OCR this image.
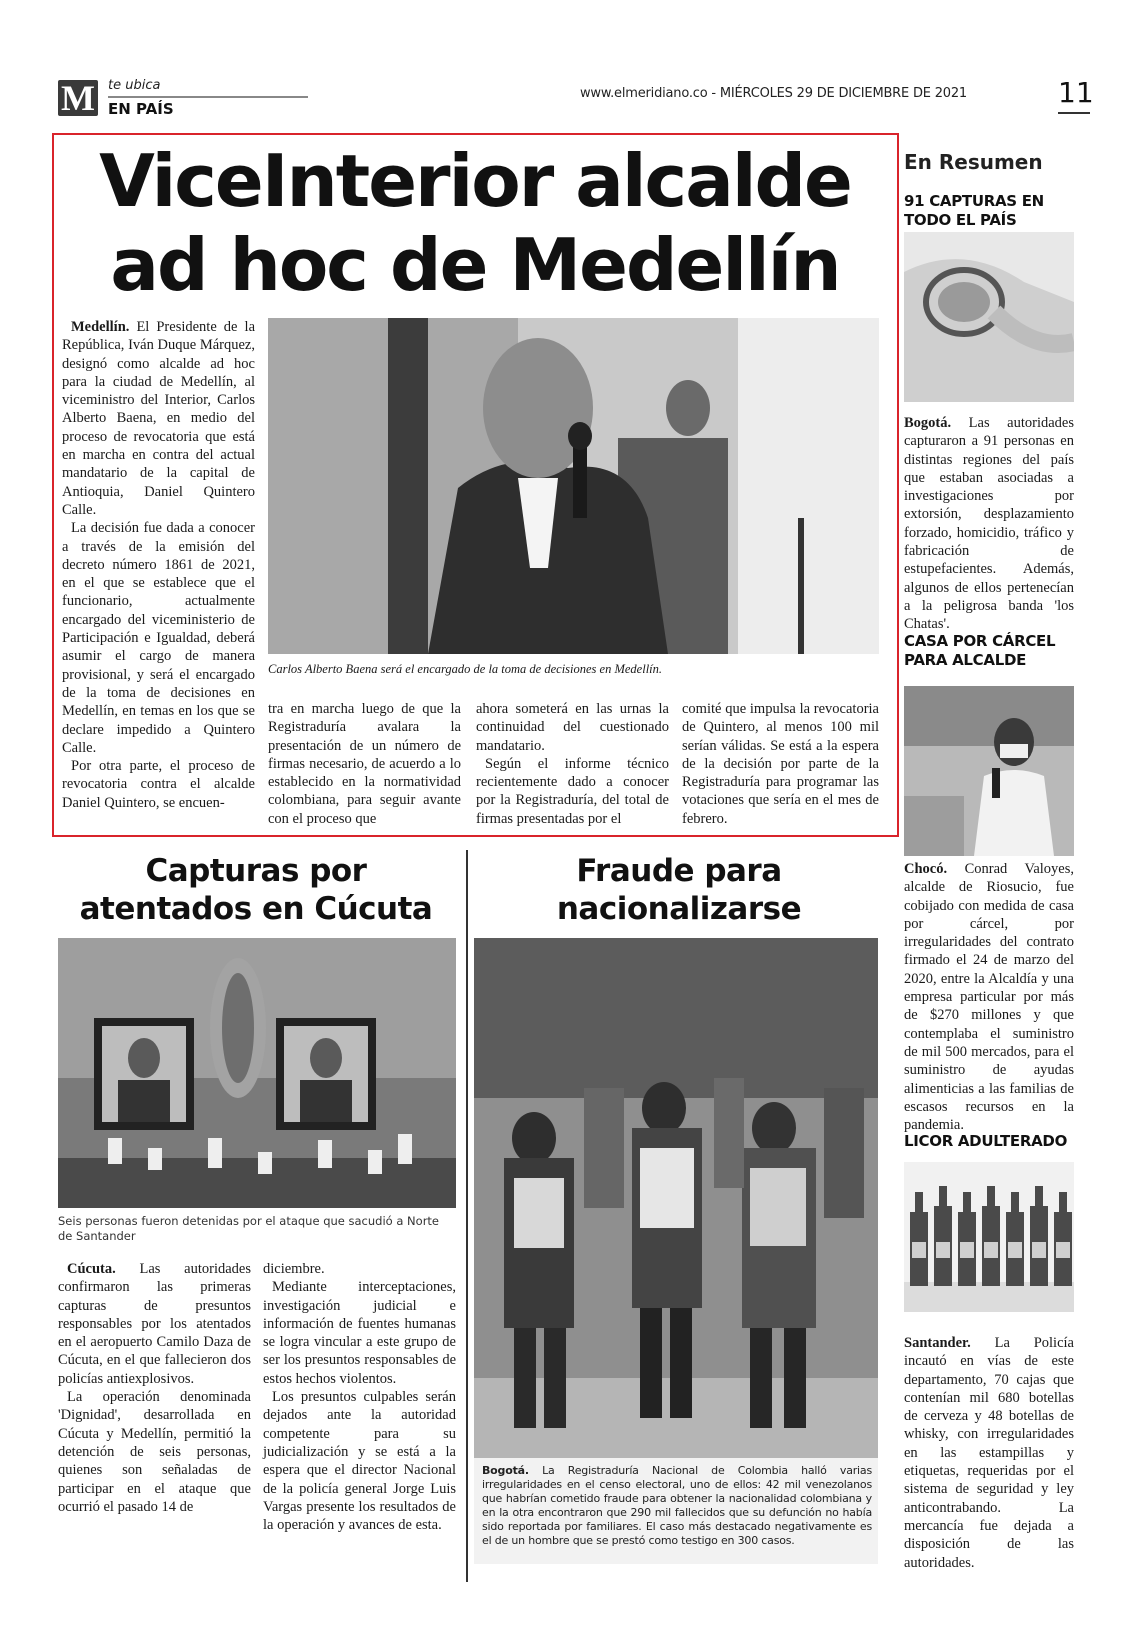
M te ubica
EN PAÍS
www.elmeridiano.co - MIÉRCOLES 29 DE DICIEMBRE DE 2021	11
ViceInterior alcalde
ad hoc de Medellín
Carlos Alberto Baena será el encargado de la toma de decisiones en Medellín.

Medellín. El Presidente de la República, Iván Duque Márquez, designó como alcalde ad hoc para la ciudad de Medellín, al viceministro del Interior, Carlos Alberto Baena, en medio del proceso de revocatoria que está en marcha en contra del actual mandatario de la capital de Antioquia, Daniel Quintero Calle.

La decisión fue dada a conocer a través de la emisión del decreto número 1861 de 2021, en el que se establece que el funcionario, actualmente encargado del viceministerio de Participación e Igualdad, deberá asumir el cargo de manera provisional, y será el encargado de la toma de decisiones en Medellín, en temas en los que se declare impedido a Quintero Calle.

Por otra parte, el proceso de revocatoria contra el alcalde Daniel Quintero, se encuen-

tra en marcha luego de que la Registraduría avalara la presentación de un número de firmas necesario, de acuerdo a lo establecido en la normatividad colombiana, para seguir avante con el proceso que

ahora someterá en las urnas la continuidad del cuestionado mandatario.

Según el informe técnico recientemente dado a conocer por la Registraduría, del total de firmas presentadas por el

comité que impulsa la revocatoria de Quintero, al menos 100 mil serían válidas. Se está a la espera de la decisión por parte de la Registraduría para programar las votaciones que sería en el mes de febrero.

Capturas por
atentados en Cúcuta
Seis personas fueron detenidas por el ataque que sacudió a Norte de Santander

Cúcuta. Las autoridades confirmaron las primeras capturas de presuntos responsables por los atentados en el aeropuerto Camilo Daza de Cúcuta, en el que fallecieron dos policías antiexplosivos.

La operación denominada 'Dignidad', desarrollada en Cúcuta y Medellín, permitió la detención de seis personas, quienes son señaladas de participar en el ataque que ocurrió el pasado 14 de

diciembre.

Mediante interceptaciones, investigación judicial e información de fuentes humanas se logra vincular a este grupo de ser los presuntos responsables de estos hechos violentos.

Los presuntos culpables serán dejados ante la autoridad competente para su judicialización y se está a la espera que el director Nacional de la policía general Jorge Luis Vargas presente los resultados de la operación y avances de esta.

Fraude para
nacionalizarse
Bogotá. La Registraduría Nacional de Colombia halló varias irregularidades en el censo electoral, uno de ellos: 42 mil venezolanos que habrían cometido fraude para obtener la nacionalidad colombiana y en la otra encontraron que 290 mil fallecidos que su defunción no había sido reportada por familiares. El caso más destacado negativamente es el de un hombre que se prestó como testigo en 300 casos.
En Resumen
91 CAPTURAS EN TODO EL PAÍS

Bogotá. Las autoridades capturaron a 91 personas en distintas regiones del país que estaban asociadas a investigaciones por extorsión, desplazamiento forzado, homicidio, tráfico y fabricación de estupefacientes. Además, algunos de ellos pertenecían a la peligrosa banda 'los Chatas'.

CASA POR CÁRCEL PARA ALCALDE

Chocó. Conrad Valoyes, alcalde de Riosucio, fue cobijado con medida de casa por cárcel, por irregularidades del contrato firmado el 24 de marzo del 2020, entre la Alcaldía y una empresa particular por más de $270 millones y que contemplaba el suministro de mil 500 mercados, para el suministro de ayudas alimenticias a las familias de escasos recursos en la pandemia.

LICOR ADULTERADO

Santander. La Policía incautó en vías de este departamento, 70 cajas que contenían mil 680 botellas de cerveza y 48 botellas de whisky, con irregularidades en las estampillas y etiquetas, requeridas por el sistema de seguridad y ley anticontrabando. La mercancía fue dejada a disposición de las autoridades.
